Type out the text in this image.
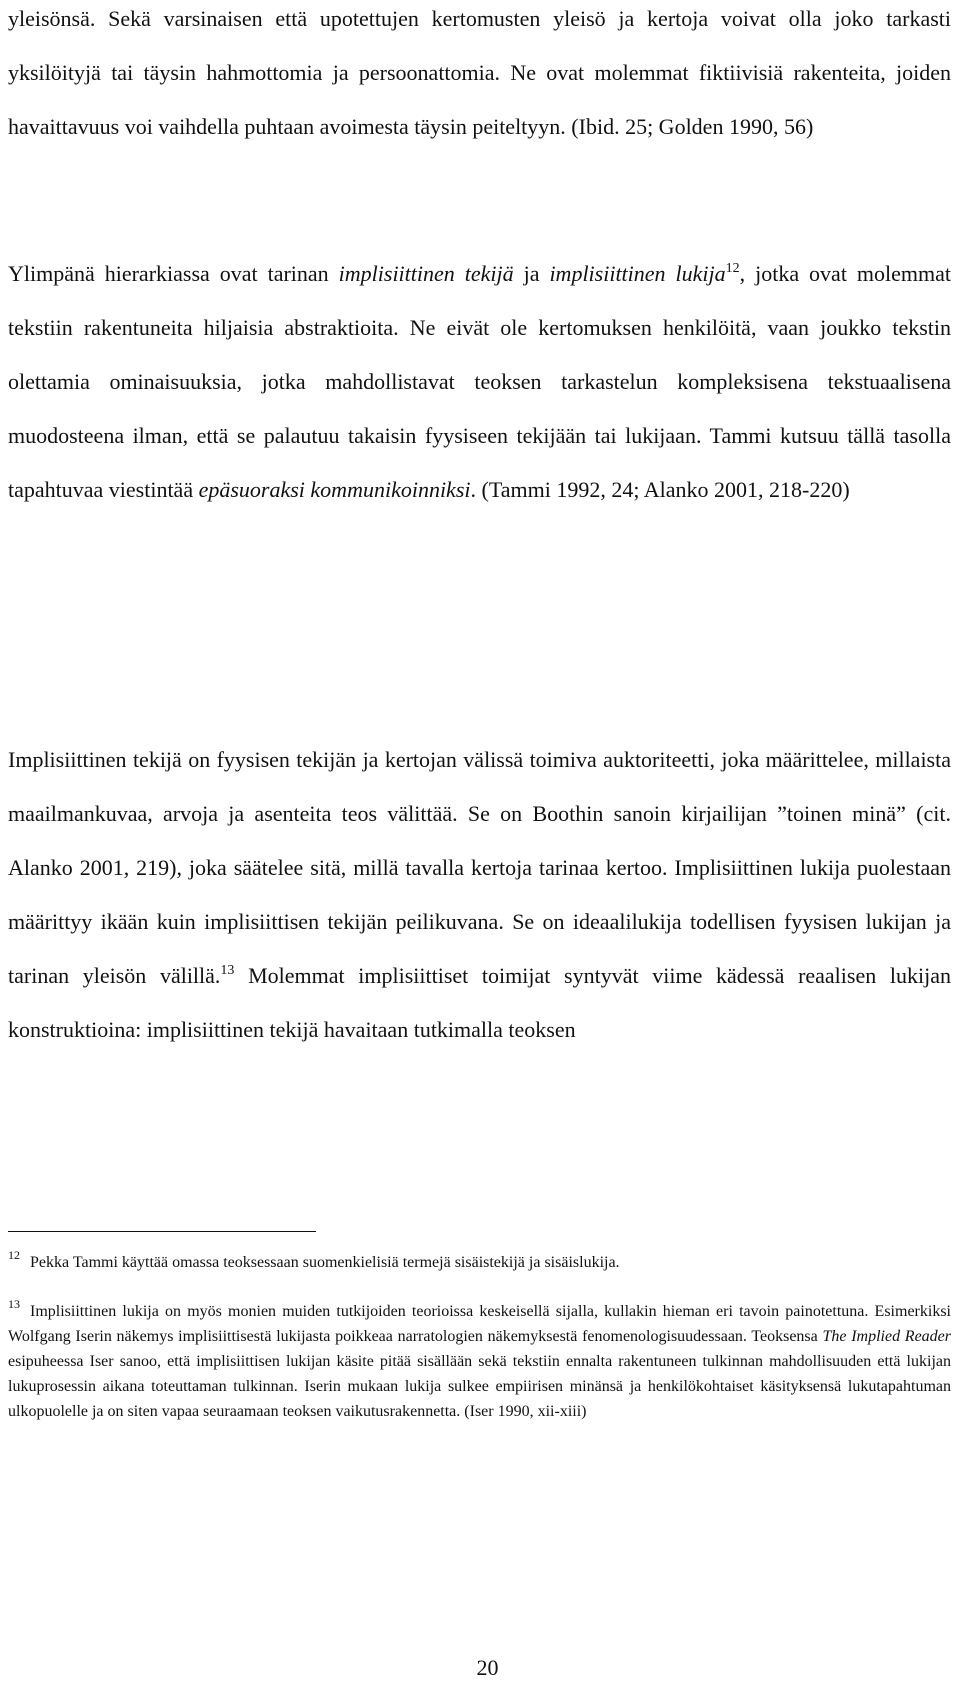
yleisönsä. Sekä varsinaisen että upotettujen kertomusten yleisö ja kertoja voivat olla joko tarkasti yksilöityjä tai täysin hahmottomia ja persoonattomia. Ne ovat molemmat fiktiivisiä rakenteita, joiden havaittavuus voi vaihdella puhtaan avoimesta täysin peiteltyyn. (Ibid. 25; Golden 1990, 56)

Ylimpänä hierarkiassa ovat tarinan implisiittinen tekijä ja implisiittinen lukija$^{12}$, jotka ovat molemmat tekstiin rakentuneita hiljaisia abstraktioita. Ne eivät ole kertomuksen henkilöitä, vaan joukko tekstin olettamia ominaisuuksia, jotka mahdollistavat teoksen tarkastelun kompleksisena tekstuaalisena muodosteena ilman, että se palautuu takaisin fyysiseen tekijään tai lukijaan. Tammi kutsuu tällä tasolla tapahtuvaa viestintää epäsuoraksi kommunikoinniksi. (Tammi 1992, 24; Alanko 2001, 218-220)

Implisiittinen tekijä on fyysisen tekijän ja kertojan välissä toimiva auktoriteetti, joka määrittelee, millaista maailmankuvaa, arvoja ja asenteita teos välittää. Se on Boothin sanoin kirjailijan ”toinen minä” (cit. Alanko 2001, 219), joka säätelee sitä, millä tavalla kertoja tarinaa kertoo. Implisiittinen lukija puolestaan määrittyy ikään kuin implisiittisen tekijän peilikuvana. Se on ideaalilukija todellisen fyysisen lukijan ja tarinan yleisön välillä.$^{13}$ Molemmat implisiittiset toimijat syntyvät viime kädessä reaalisen lukijan konstruktioina: implisiittinen tekijä havaitaan tutkimalla teoksen

$^{12}$ Pekka Tammi käyttää omassa teoksessaan suomenkielisiä termejä sisäistekijä ja sisäislukija.

$^{13}$ Implisiittinen lukija on myös monien muiden tutkijoiden teorioissa keskeisellä sijalla, kullakin hieman eri tavoin painotettuna. Esimerkiksi Wolfgang Iserin näkemys implisiittisestä lukijasta poikkeaa narratologien näkemyksestä fenomenologisuudessaan. Teoksensa The Implied Reader esipuheessa Iser sanoo, että implisiittisen lukijan käsite pitää sisällään sekä tekstiin ennalta rakentuneen tulkinnan mahdollisuuden että lukijan lukuprosessin aikana toteuttaman tulkinnan. Iserin mukaan lukija sulkee empiirisen minänsä ja henkilökohtaiset käsityksensä lukutapahtuman ulkopuolelle ja on siten vapaa seuraamaan teoksen vaikutusrakennetta. (Iser 1990, xii-xiii)

20
